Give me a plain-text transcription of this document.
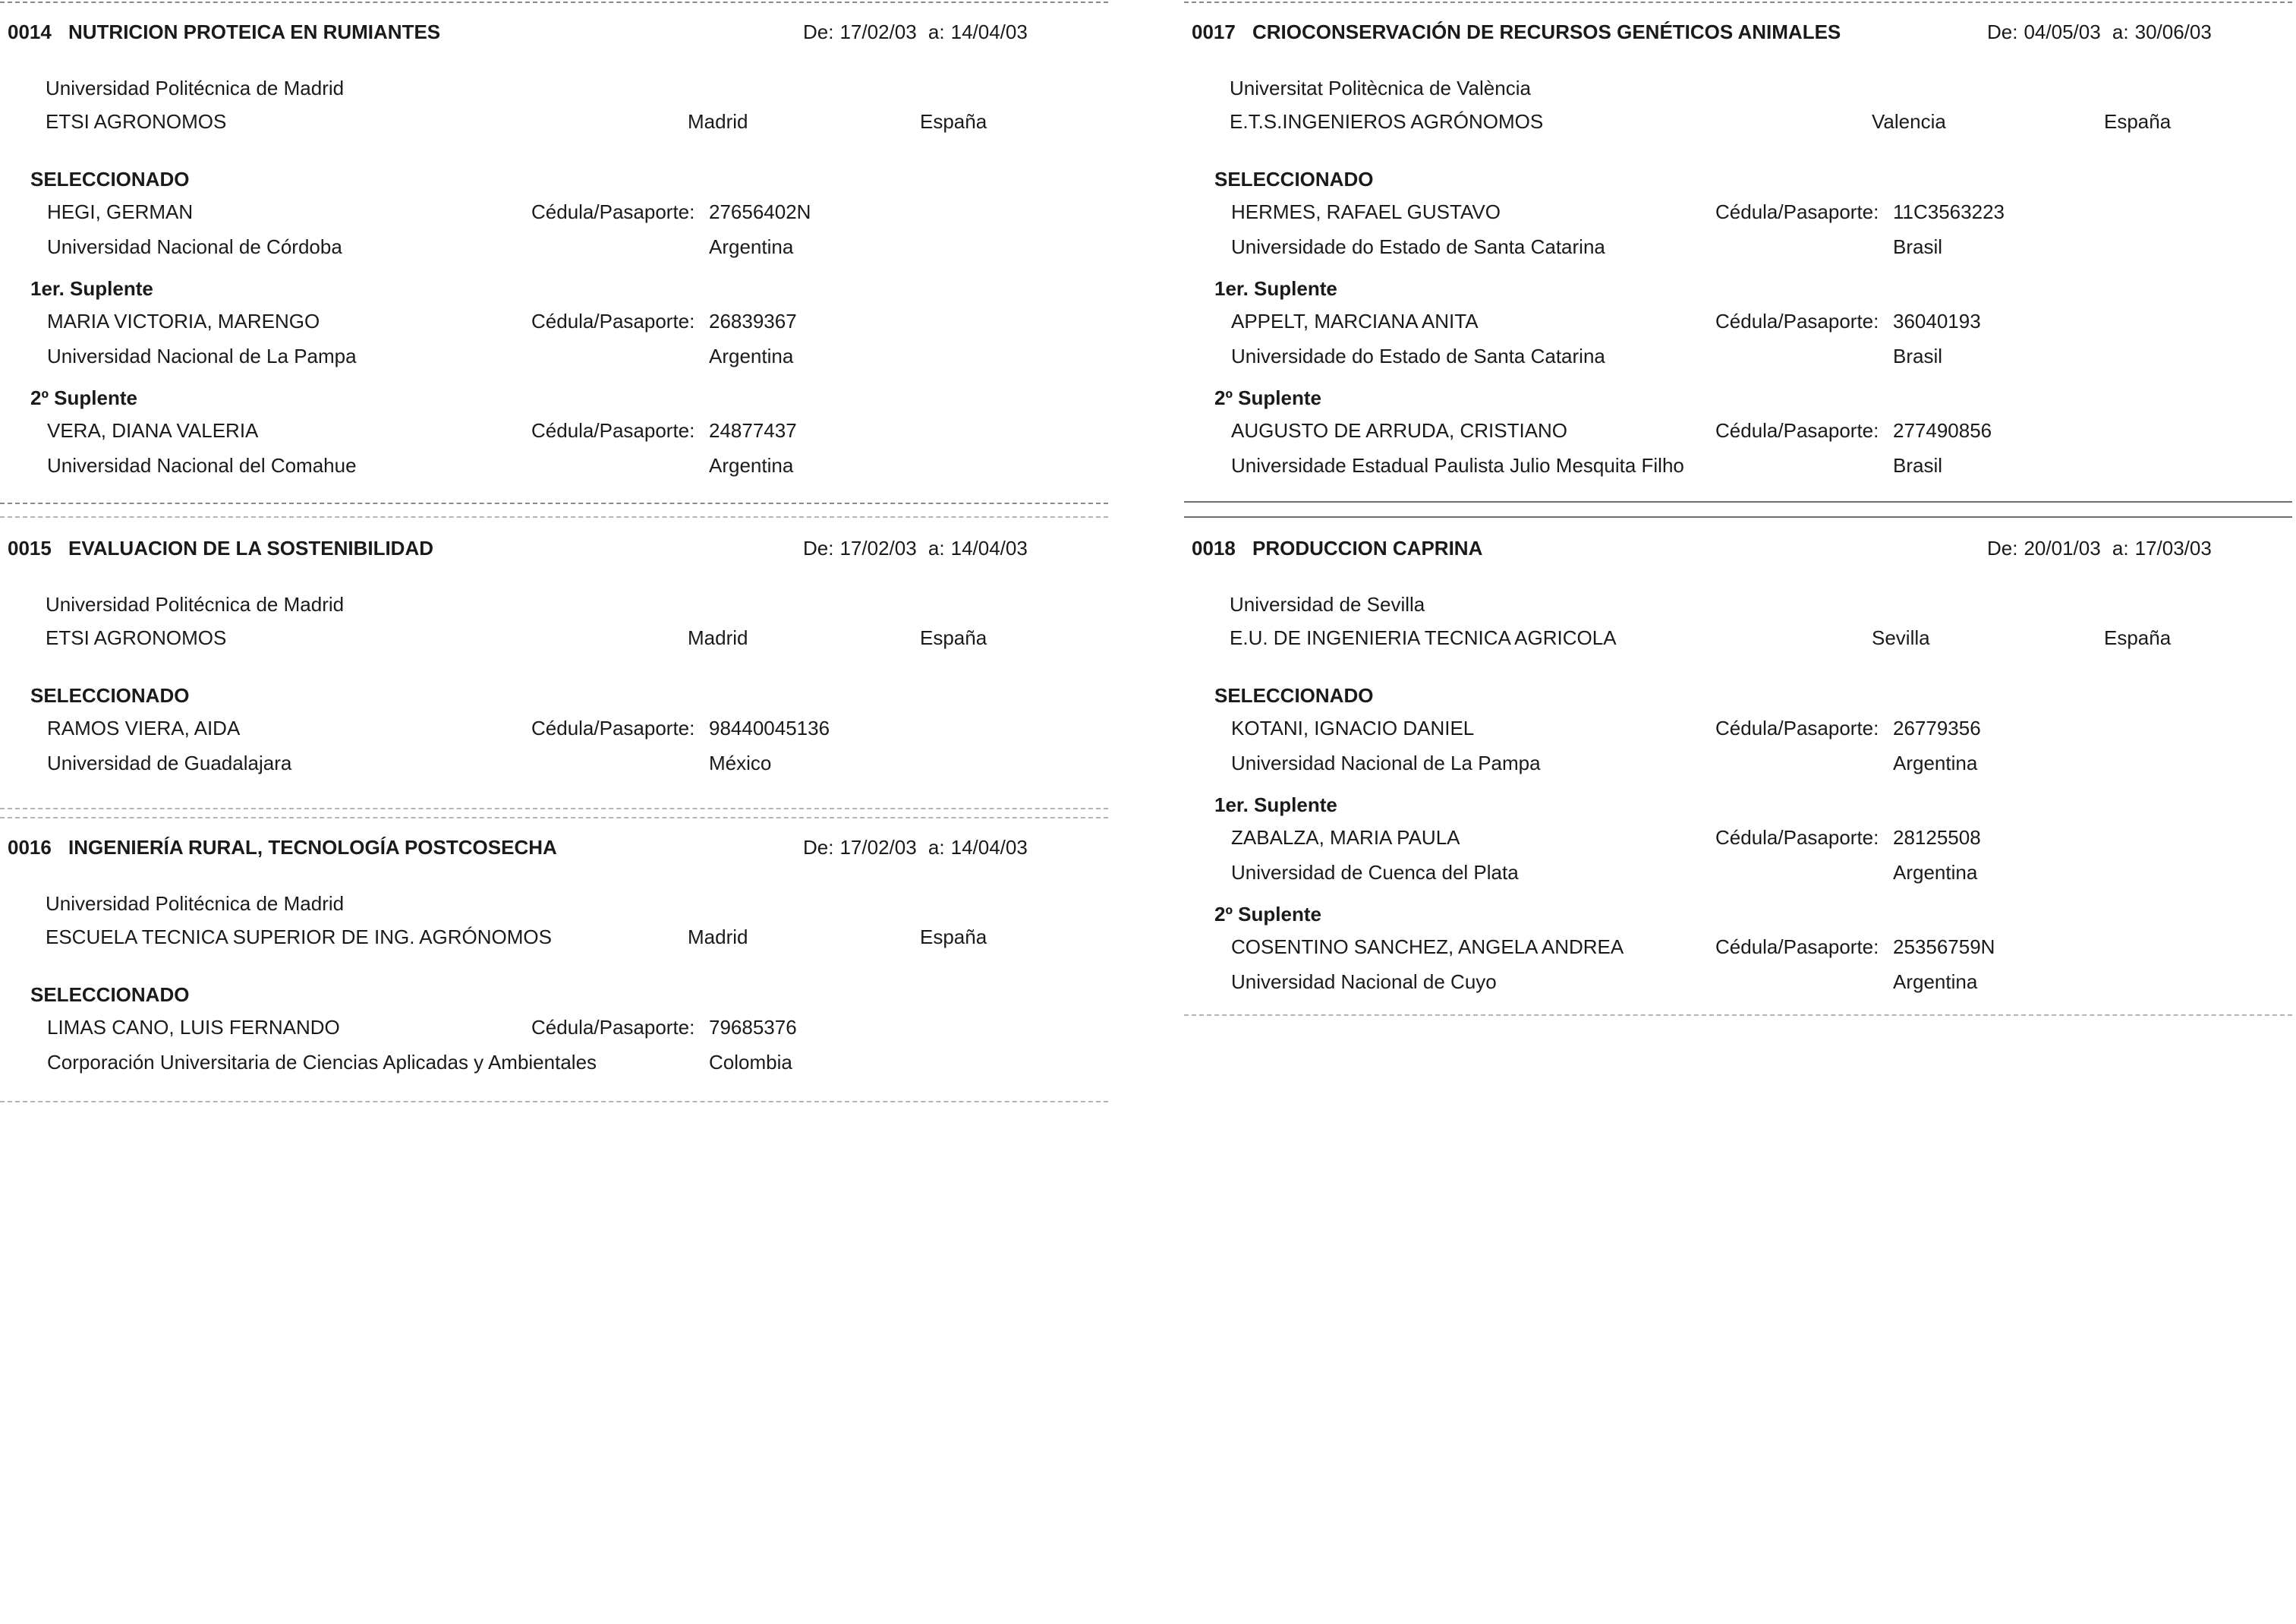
0014 NUTRICION PROTEICA EN RUMIANTES	De: 17/02/03 a: 14/04/03
Universidad Politécnica de Madrid
ETSI AGRONOMOS	Madrid	España
SELECCIONADO
HEGI, GERMAN	Cédula/Pasaporte: 27656402N
Universidad Nacional de Córdoba	Argentina
1er. Suplente
MARIA VICTORIA, MARENGO	Cédula/Pasaporte: 26839367
Universidad Nacional de La Pampa	Argentina
2º Suplente
VERA, DIANA VALERIA	Cédula/Pasaporte: 24877437
Universidad Nacional del Comahue	Argentina
0015 EVALUACION DE LA SOSTENIBILIDAD	De: 17/02/03 a: 14/04/03
Universidad Politécnica de Madrid
ETSI AGRONOMOS	Madrid	España
SELECCIONADO
RAMOS VIERA, AIDA	Cédula/Pasaporte: 98440045136
Universidad de Guadalajara	México
0016 INGENIERÍA RURAL, TECNOLOGÍA POSTCOSECHA	De: 17/02/03 a: 14/04/03
Universidad Politécnica de Madrid
ESCUELA TECNICA SUPERIOR DE ING. AGRÓNOMOS	Madrid	España
SELECCIONADO
LIMAS CANO, LUIS FERNANDO	Cédula/Pasaporte: 79685376
Corporación Universitaria de Ciencias Aplicadas y Ambientales	Colombia
0017 CRIOCONSERVACIÓN DE RECURSOS GENÉTICOS ANIMALES	De: 04/05/03 a: 30/06/03
Universitat Politècnica de València
E.T.S.INGENIEROS AGRÓNOMOS	Valencia	España
SELECCIONADO
HERMES, RAFAEL GUSTAVO	Cédula/Pasaporte: 11C3563223
Universidade do Estado de Santa Catarina	Brasil
1er. Suplente
APPELT, MARCIANA ANITA	Cédula/Pasaporte: 36040193
Universidade do Estado de Santa Catarina	Brasil
2º Suplente
AUGUSTO DE ARRUDA, CRISTIANO	Cédula/Pasaporte: 277490856
Universidade Estadual Paulista Julio Mesquita Filho	Brasil
0018 PRODUCCION CAPRINA	De: 20/01/03 a: 17/03/03
Universidad de Sevilla
E.U. DE INGENIERIA TECNICA AGRICOLA	Sevilla	España
SELECCIONADO
KOTANI, IGNACIO DANIEL	Cédula/Pasaporte: 26779356
Universidad Nacional de La Pampa	Argentina
1er. Suplente
ZABALZA, MARIA PAULA	Cédula/Pasaporte: 28125508
Universidad de Cuenca del Plata	Argentina
2º Suplente
COSENTINO SANCHEZ, ANGELA ANDREA	Cédula/Pasaporte: 25356759N
Universidad Nacional de Cuyo	Argentina
